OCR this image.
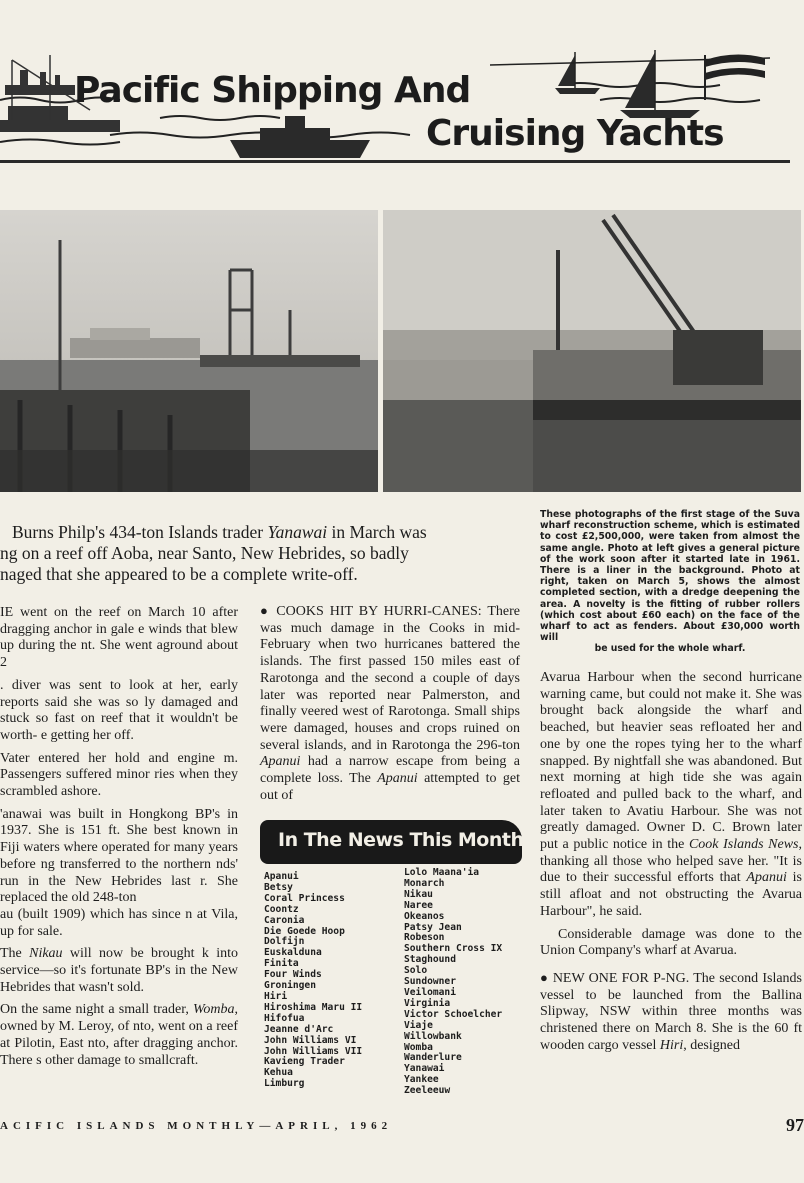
Pacific Shipping And
Cruising Yachts
These photographs of the first stage of the Suva wharf reconstruction scheme, which is estimated to cost £2,500,000, were taken from almost the same angle. Photo at left gives a general picture of the work soon after it started late in 1961. There is a liner in the background. Photo at right, taken on March 5, shows the almost completed section, with a dredge deepening the area. A novelty is the fitting of rubber rollers (which cost about £60 each) on the face of the wharf to act as fenders. About £30,000 worth will
be used for the whole wharf.
Burns Philp's 434-ton Islands trader Yanawai in March was
ng on a reef off Aoba, near Santo, New Hebrides, so badly
naged that she appeared to be a complete write-off.

IE went on the reef on March 10 after dragging anchor in gale e winds that blew up during the nt. She went aground about 2

. diver was sent to look at her, early reports said she was so ly damaged and stuck so fast on reef that it wouldn't be worth- e getting her off.

Vater entered her hold and engine m. Passengers suffered minor ries when they scrambled ashore.

'anawai was built in Hongkong BP's in 1937. She is 151 ft. She best known in Fiji waters where operated for many years before ng transferred to the northern nds' run in the New Hebrides last r. She replaced the old 248-ton

au (built 1909) which has since n at Vila, up for sale.

The Nikau will now be brought k into service—so it's fortunate BP's in the New Hebrides that wasn't sold.

On the same night a small trader, Womba, owned by M. Leroy, of nto, went on a reef at Pilotin, East nto, after dragging anchor. There s other damage to smallcraft.

● COOKS HIT BY HURRI-CANES: There was much damage in the Cooks in mid-February when two hurricanes battered the islands. The first passed 150 miles east of Rarotonga and the second a couple of days later was reported near Palmerston, and finally veered west of Rarotonga. Small ships were damaged, houses and crops ruined on several islands, and in Rarotonga the 296-ton Apanui had a narrow escape from being a complete loss. The Apanui attempted to get out of

In The News This Month
Apanui
Betsy
Coral Princess
Coontz
Caronia
Die Goede Hoop
Dolfijn
Euskalduna
Finita
Four Winds
Groningen
Hiri
Hiroshima Maru II
Hifofua
Jeanne d'Arc
John Williams VI
John Williams VII
Kavieng Trader
Kehua
Limburg
Lolo Maana'ia
Monarch
Nikau
Naree
Okeanos
Patsy Jean
Robeson
Southern Cross IX
Staghound
Solo
Sundowner
Veilomani
Virginia
Victor Schoelcher
Viaje
Willowbank
Womba
Wanderlure
Yanawai
Yankee
Zeeleeuw

Avarua Harbour when the second hurricane warning came, but could not make it. She was brought back alongside the wharf and beached, but heavier seas refloated her and one by one the ropes tying her to the wharf snapped. By nightfall she was abandoned. But next morning at high tide she was again refloated and pulled back to the wharf, and later taken to Avatiu Harbour. She was not greatly damaged. Owner D. C. Brown later put a public notice in the Cook Islands News, thanking all those who helped save her. "It is due to their successful efforts that Apanui is still afloat and not obstructing the Avarua Harbour", he said.

Considerable damage was done to the Union Company's wharf at Avarua.

● NEW ONE FOR P-NG. The second Islands vessel to be launched from the Ballina Slipway, NSW within three months was christened there on March 8. She is the 60 ft wooden cargo vessel Hiri, designed

ACIFIC ISLANDS MONTHLY—APRIL, 1962	97
